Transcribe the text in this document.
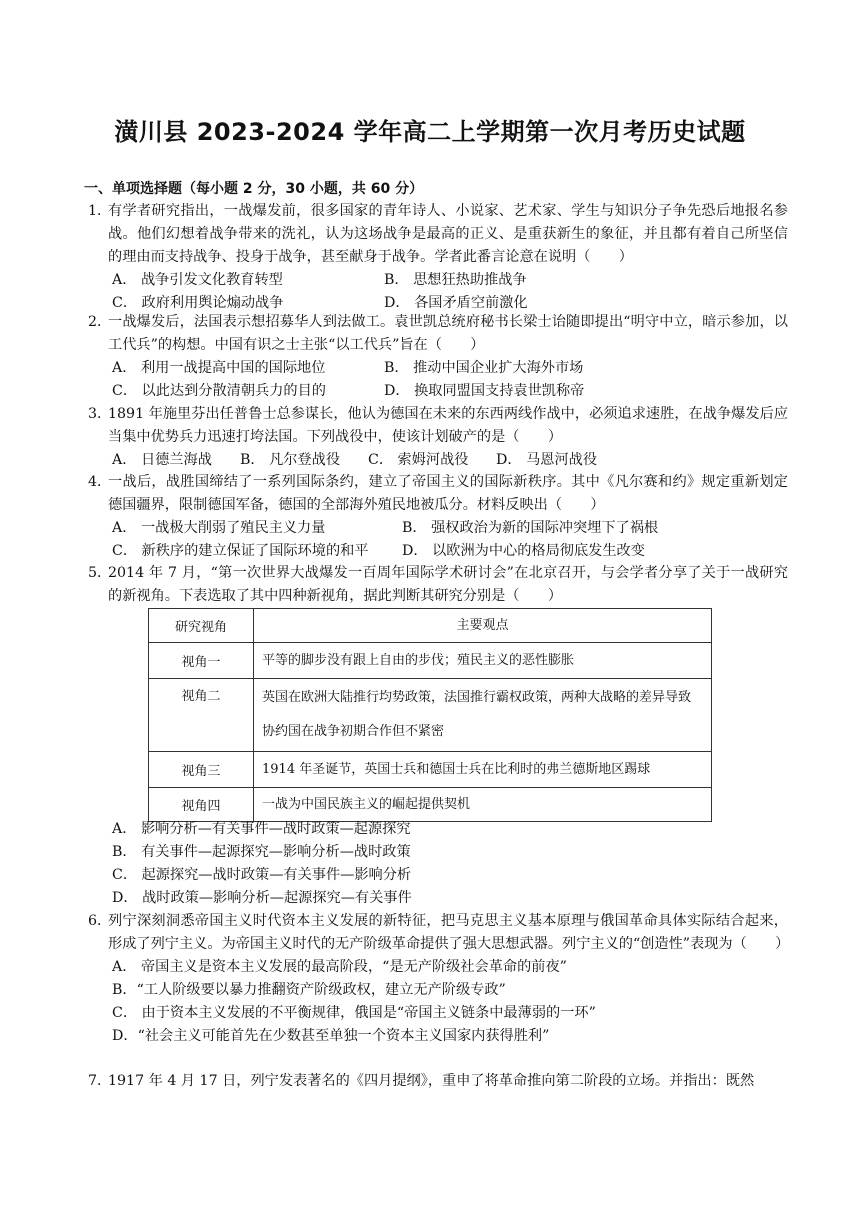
潢川县 2023-2024 学年高二上学期第一次月考历史试题
一、单项选择题（每小题 2 分，30 小题，共 60 分）
1．
有学者研究指出，一战爆发前，很多国家的青年诗人、小说家、艺术家、学生与知识分子争先恐后地报名参战。他们幻想着战争带来的洗礼，认为这场战争是最高的正义、是重获新生的象征，并且都有着自己所坚信的理由而支持战争、投身于战争，甚至献身于战争。学者此番言论意在说明（　　）
A． 战争引发文化教育转型	B． 思想狂热助推战争
C． 政府利用舆论煽动战争	D． 各国矛盾空前激化
2．
一战爆发后，法国表示想招募华人到法做工。袁世凯总统府秘书长梁士诒随即提出“明守中立，暗示参加，以工代兵”的构想。中国有识之士主张“以工代兵”旨在（　　）
A． 利用一战提高中国的国际地位	B． 推动中国企业扩大海外市场
C． 以此达到分散清朝兵力的目的	D． 换取同盟国支持袁世凯称帝
3．
1891 年施里芬出任普鲁士总参谋长，他认为德国在未来的东西两线作战中，必须追求速胜，在战争爆发后应当集中优势兵力迅速打垮法国。下列战役中，使该计划破产的是（　　）
A． 日德兰海战	B． 凡尔登战役	C． 索姆河战役	D． 马恩河战役
4．
一战后，战胜国缔结了一系列国际条约，建立了帝国主义的国际新秩序。其中《凡尔赛和约》规定重新划定德国疆界，限制德国军备，德国的全部海外殖民地被瓜分。材料反映出（　　）
A． 一战极大削弱了殖民主义力量	B． 强权政治为新的国际冲突埋下了祸根
C． 新秩序的建立保证了国际环境的和平	D． 以欧洲为中心的格局彻底发生改变
5．
2014 年 7 月，“第一次世界大战爆发一百周年国际学术研讨会”在北京召开，与会学者分享了关于一战研究的新视角。下表选取了其中四种新视角，据此判断其研究分别是（　　）
研究视角	主要观点
视角一	平等的脚步没有跟上自由的步伐；殖民主义的恶性膨胀
视角二	英国在欧洲大陆推行均势政策，法国推行霸权政策，两种大战略的差异导致协约国在战争初期合作但不紧密
视角三	1914 年圣诞节，英国士兵和德国士兵在比利时的弗兰德斯地区踢球
视角四	一战为中国民族主义的崛起提供契机
A． 影响分析—有关事件—战时政策—起源探究
B． 有关事件—起源探究—影响分析—战时政策
C． 起源探究—战时政策—有关事件—影响分析
D． 战时政策—影响分析—起源探究—有关事件
6．
列宁深刻洞悉帝国主义时代资本主义发展的新特征，把马克思主义基本原理与俄国革命具体实际结合起来，形成了列宁主义。为帝国主义时代的无产阶级革命提供了强大思想武器。列宁主义的“创造性”表现为（　　）
A． 帝国主义是资本主义发展的最高阶段，“是无产阶级社会革命的前夜”
B．“工人阶级要以暴力推翻资产阶级政权，建立无产阶级专政”
C． 由于资本主义发展的不平衡规律，俄国是“帝国主义链条中最薄弱的一环”
D．“社会主义可能首先在少数甚至单独一个资本主义国家内获得胜利”
7．
1917 年 4 月 17 日，列宁发表著名的《四月提纲》，重申了将革命推向第二阶段的立场。并指出：既然
